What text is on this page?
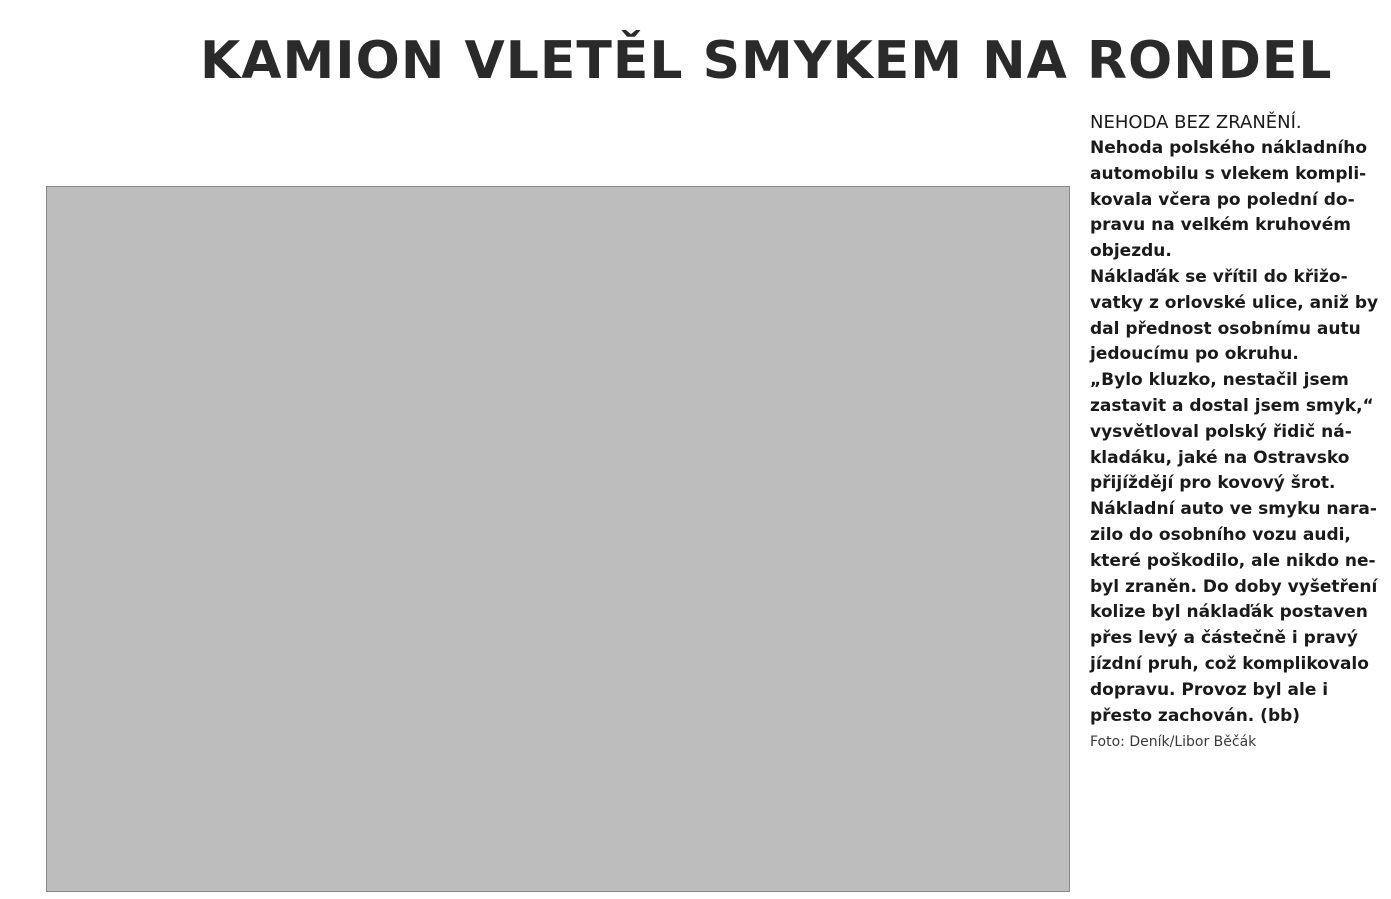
KAMION VLETĚL SMYKEM NA RONDEL

NEHODA BEZ ZRANĚNÍ.

Nehoda polského nákladního
automobilu s vlekem kompli-
kovala včera po polední do-
pravu na velkém kruhovém
objezdu.
Náklaďák se vřítil do křižo-
vatky z orlovské ulice, aniž by
dal přednost osobnímu autu
jedoucímu po okruhu.
„Bylo kluzko, nestačil jsem
zastavit a dostal jsem smyk,“
vysvětloval polský řidič ná-
kladáku, jaké na Ostravsko
přijíždějí pro kovový šrot.
Nákladní auto ve smyku nara-
zilo do osobního vozu audi,
které poškodilo, ale nikdo ne-
byl zraněn. Do doby vyšetření
kolize byl náklaďák postaven
přes levý a částečně i pravý
jízdní pruh, což komplikovalo
dopravu. Provoz byl ale i
přesto zachován. (bb)

Foto: Deník/Libor Běčák
